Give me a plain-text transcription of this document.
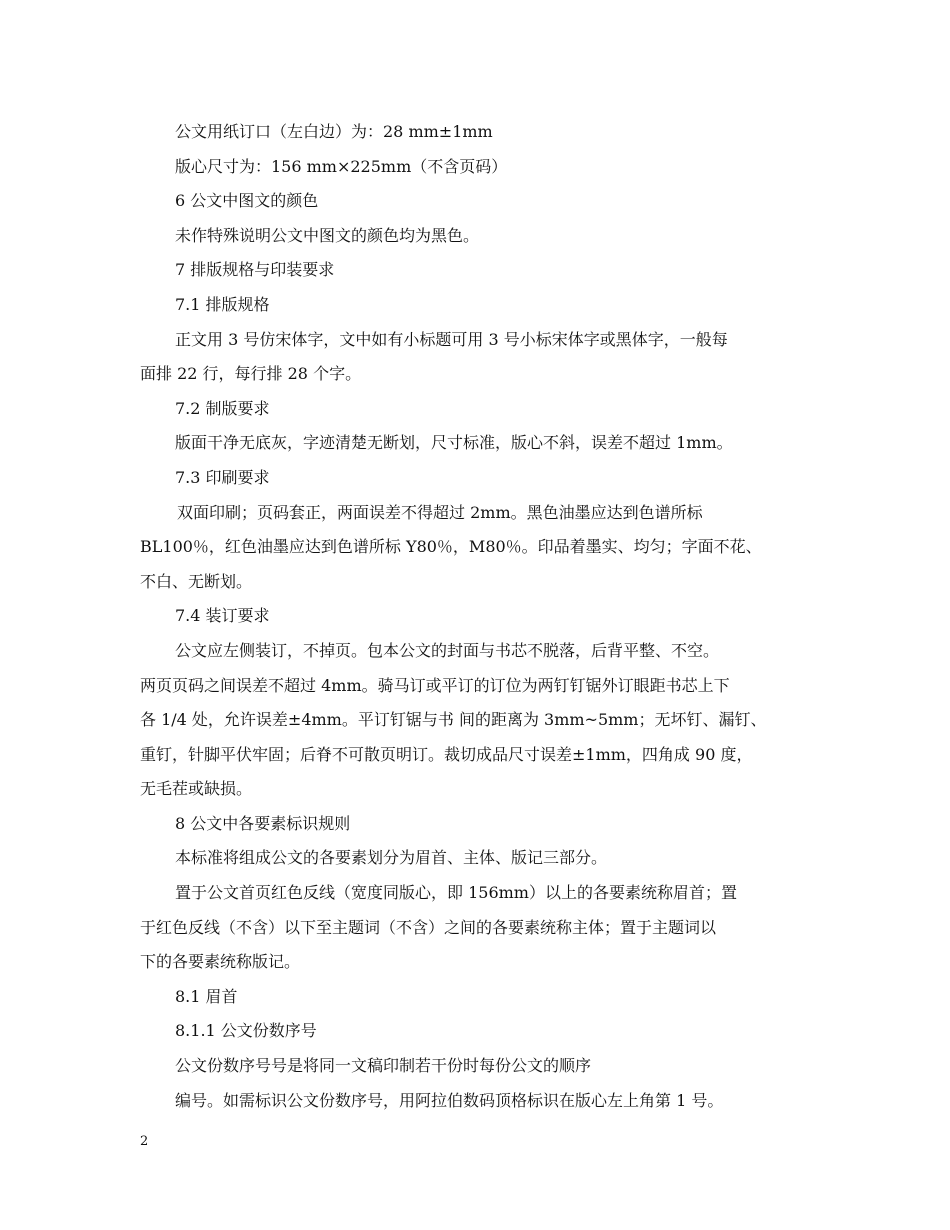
公文用纸订口（左白边）为：28 mm±1mm
版心尺寸为：156 mm×225mm（不含页码）
6 公文中图文的颜色
未作特殊说明公文中图文的颜色均为黑色。
7 排版规格与印装要求
7.1 排版规格
正文用 3 号仿宋体字，文中如有小标题可用 3 号小标宋体字或黑体字，一般每
面排 22 行，每行排 28 个字。
7.2 制版要求
版面干净无底灰，字迹清楚无断划，尺寸标准，版心不斜，误差不超过 1mm。
7.3 印刷要求
双面印刷；页码套正，两面误差不得超过 2mm。黑色油墨应达到色谱所标
BL100％，红色油墨应达到色谱所标 Y80％，M80％。印品着墨实、均匀；字面不花、
不白、无断划。
7.4 装订要求
公文应左侧装订，不掉页。包本公文的封面与书芯不脱落，后背平整、不空。
两页页码之间误差不超过 4mm。骑马订或平订的订位为两钉钉锯外订眼距书芯上下
各 1/4 处，允许误差±4mm。平订钉锯与书 间的距离为 3mm~5mm；无坏钉、漏钉、
重钉，针脚平伏牢固；后脊不可散页明订。裁切成品尺寸误差±1mm，四角成 90 度，
无毛茬或缺损。
8 公文中各要素标识规则
本标准将组成公文的各要素划分为眉首、主体、版记三部分。
置于公文首页红色反线（宽度同版心，即 156mm）以上的各要素统称眉首；置
于红色反线（不含）以下至主题词（不含）之间的各要素统称主体；置于主题词以
下的各要素统称版记。
8.1 眉首
8.1.1 公文份数序号
公文份数序号号是将同一文稿印制若干份时每份公文的顺序
编号。如需标识公文份数序号，用阿拉伯数码顶格标识在版心左上角第 1 号。
2
